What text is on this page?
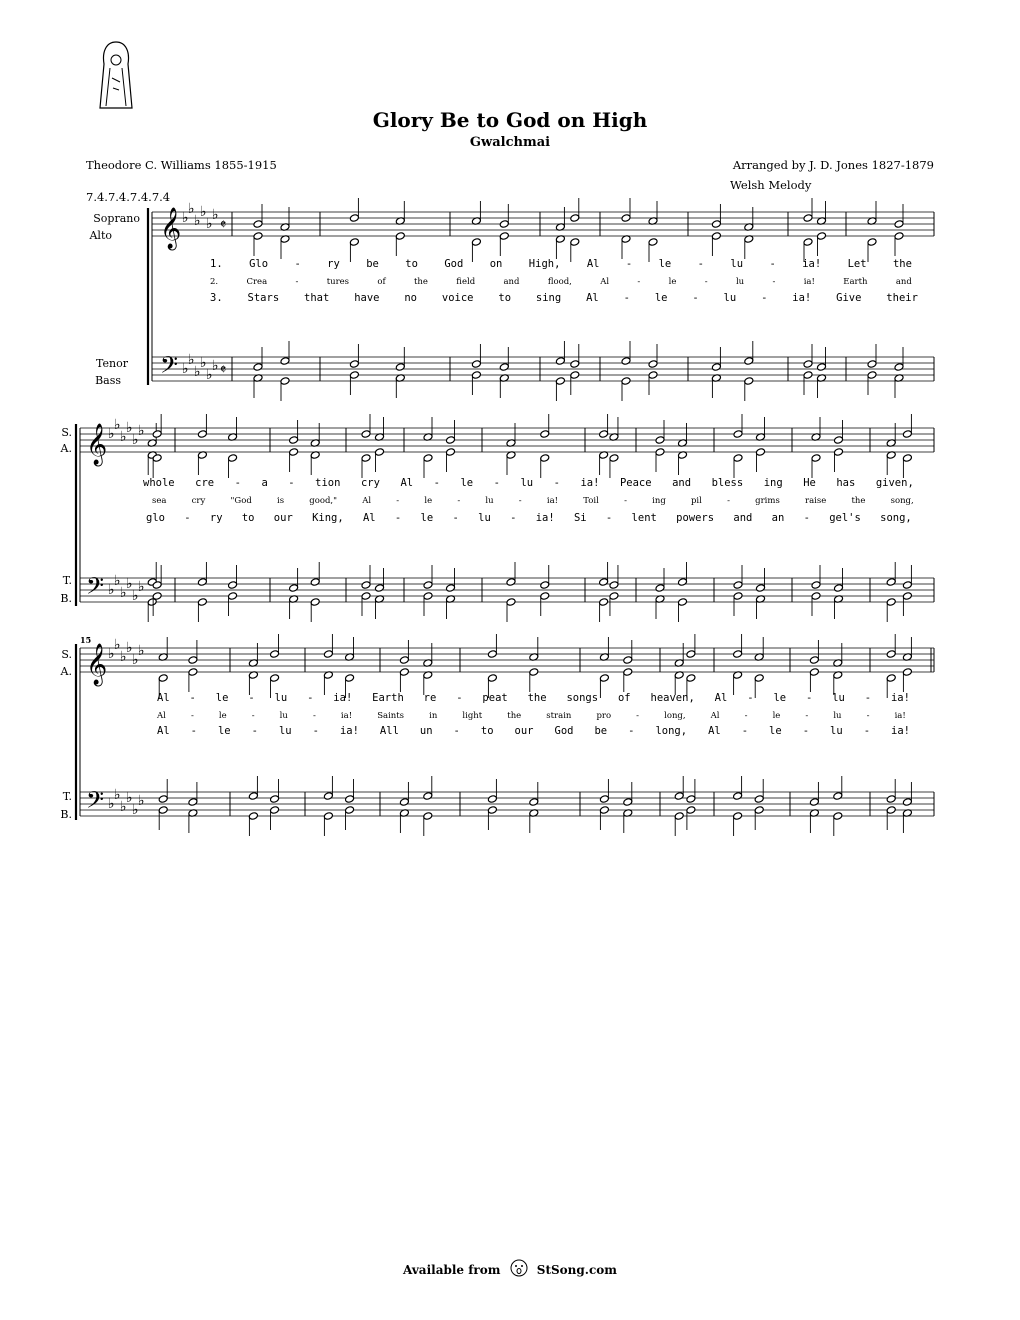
Glory Be to God on High
Gwalchmai
Theodore C. Williams 1855-1915	Arranged by J. D. Jones 1827-1879
Welsh Melody
7.4.7.4.7.4.7.4
Soprano
Alto
Tenor
Bass
S.
A.
T.
B.
S.
A.
T.
B.
15
𝄞
𝄢
♭
♭
♭
♭
♭
♭
♭
♭
♭
♭
♭
♭
𝄵
𝄵
𝄞
𝄢
♭
♭
♭
♭
♭
♭
♭
♭
♭
♭
♭
♭
𝄞
𝄢
♭
♭
♭
♭
♭
♭
♭
♭
♭
♭
♭
♭
1.	Glo	-	ry	be	to	God	on	High,	Al	-	le	-	lu	-	ia!	Let	the
2.	Crea	-	tures	of	the	field	and	flood,	Al	-	le	-	lu	-	ia!	Earth	and
3. Stars that have no voice to sing Al - le - lu - ia! Give their
whole cre - a - tion cry Al - le - lu - ia! Peace and bless ing He has given,
sea	cry	"God	is	good,"	Al	-	le	-	lu	-	ia!	Toil	-	ing	pil	-	grims	raise	the	song,
glo - ry to our King, Al - le - lu - ia! Si - lent powers and an - gel's song,
Al - le - lu - ia! Earth re - peat the songs of heaven, Al - le - lu - ia!
Al	-	le	-	lu	-	ia!	Saints	in	light	the	strain	pro	-	long,	Al	-	le	-	lu	-	ia!
Al - le - lu - ia! All un - to our God be - long, Al - le - lu - ia!
Available from	StSong.com
